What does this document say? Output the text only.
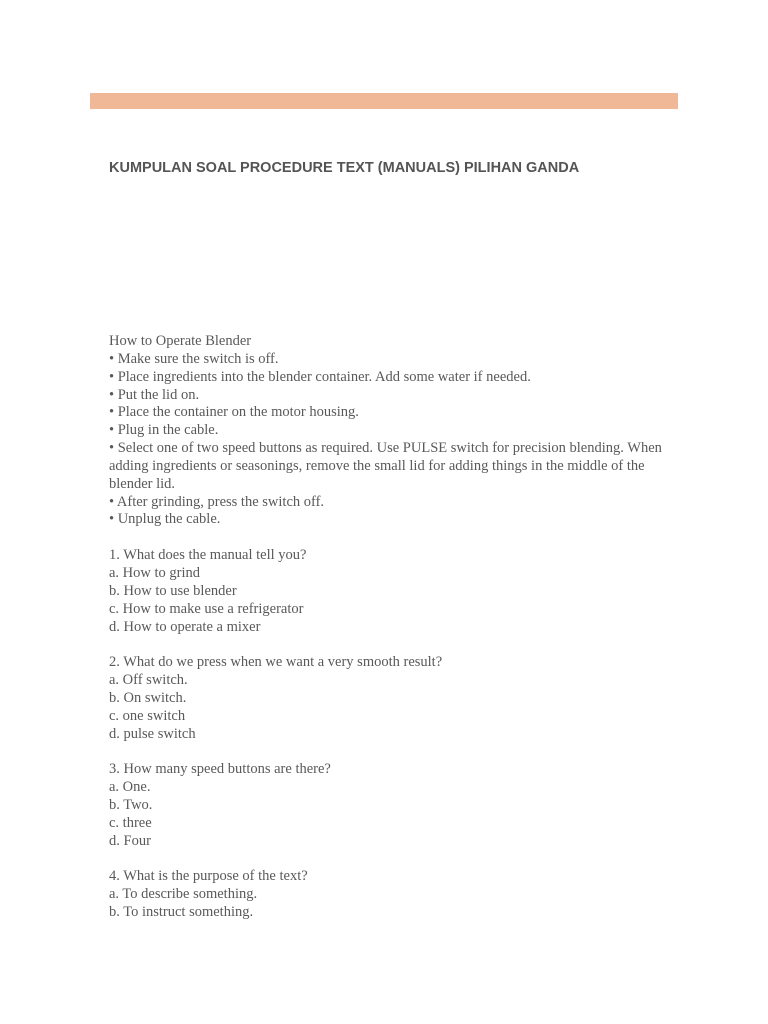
KUMPULAN SOAL PROCEDURE TEXT (MANUALS) PILIHAN GANDA
How to Operate Blender
• Make sure the switch is off.
• Place ingredients into the blender container. Add some water if needed.
• Put the lid on.
• Place the container on the motor housing.
• Plug in the cable.
• Select one of two speed buttons as required. Use PULSE switch for precision blending. When adding ingredients or seasonings, remove the small lid for adding things in the middle of the blender lid.
• After grinding, press the switch off.
• Unplug the cable.
1. What does the manual tell you?
a. How to grind
b. How to use blender
c. How to make use a refrigerator
d. How to operate a mixer
2. What do we press when we want a very smooth result?
a. Off switch.
b. On switch.
c. one switch
d. pulse switch
3. How many speed buttons are there?
a. One.
b. Two.
c. three
d. Four
4. What is the purpose of the text?
a. To describe something.
b. To instruct something.
